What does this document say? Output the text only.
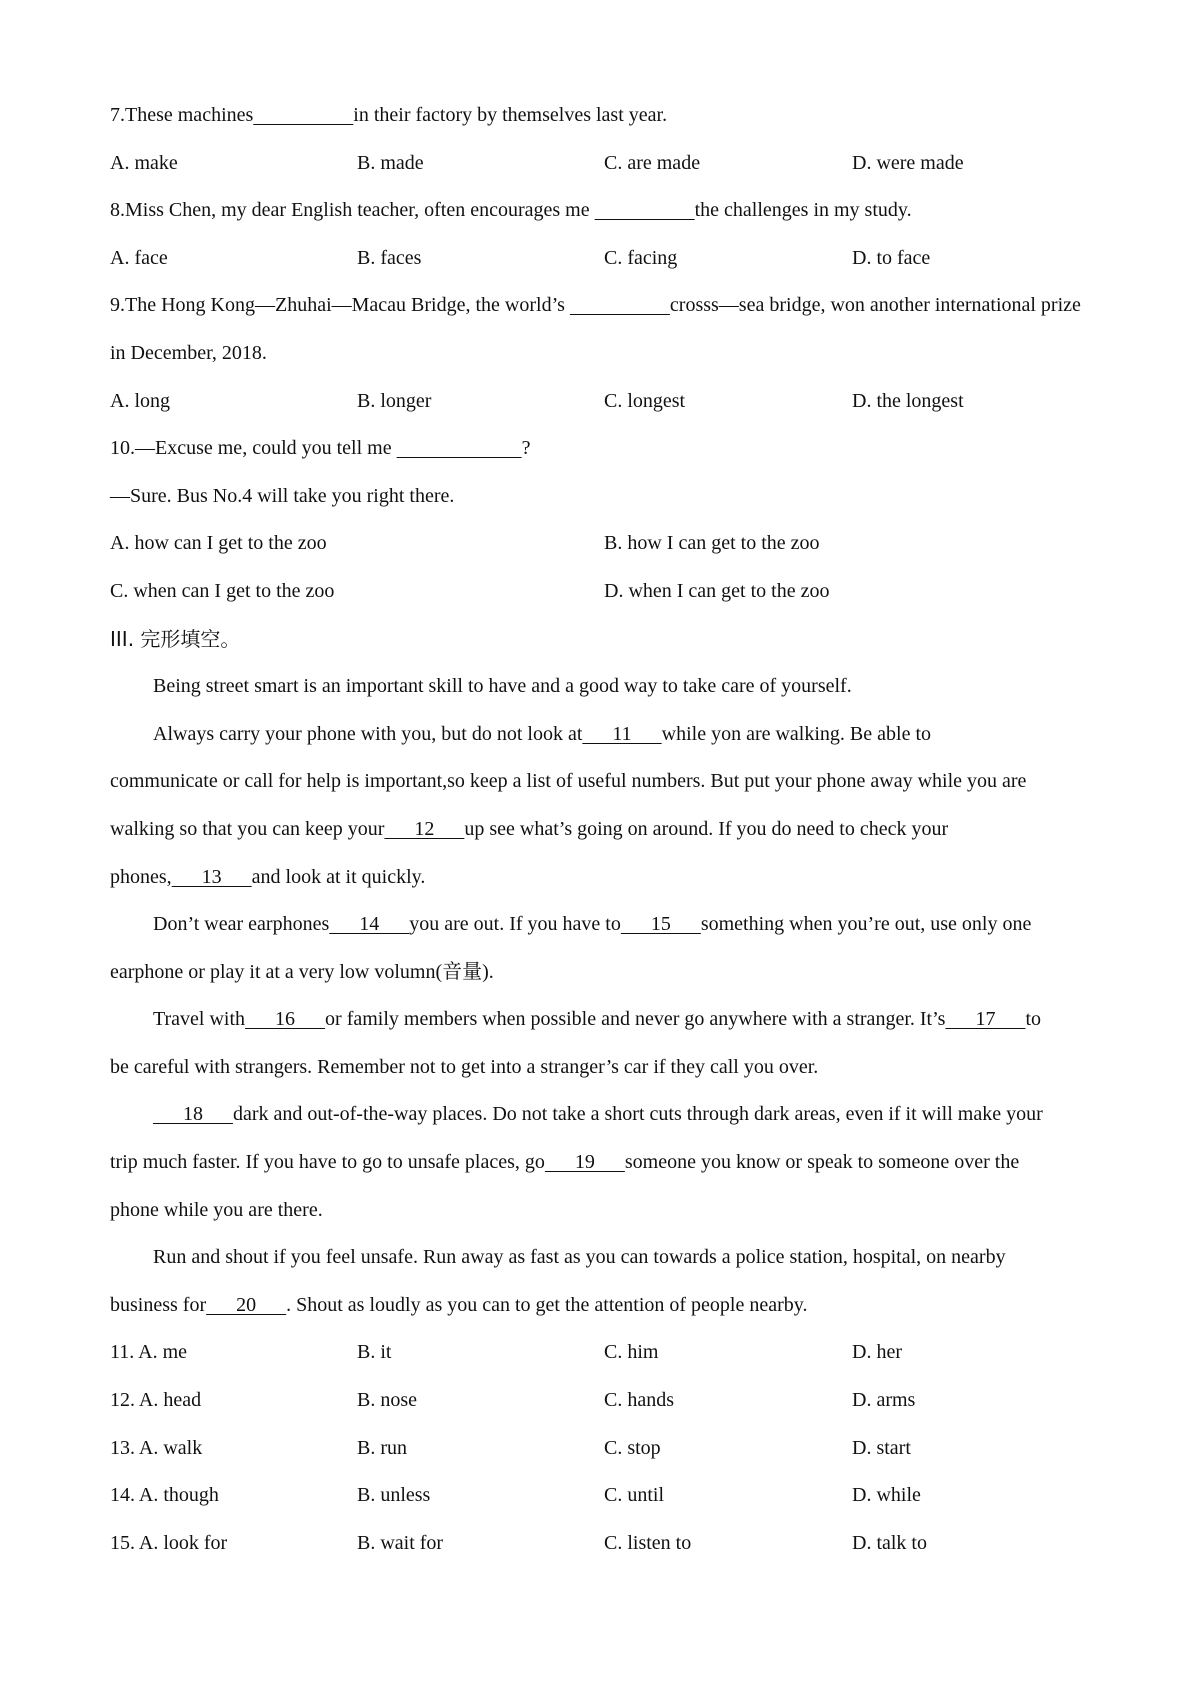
7.These machines	in their factory by themselves last year.
A. make	B. made	C. are made	D. were made
8.Miss Chen, my dear English teacher, often encourages me	the challenges in my study.
A. face	B. faces	C. facing	D. to face
9.The Hong Kong—Zhuhai—Macau Bridge, the world’s	crosss—sea bridge, won another international prize
in December, 2018.
A. long	B. longer	C. longest	D. the longest
10.—Excuse me, could you tell me	?
—Sure. Bus No.4 will take you right there.
A. how can I get to the zoo	B. how I can get to the zoo
C. when can I get to the zoo	D. when I can get to the zoo
III. 完形填空。
Being street smart is an important skill to have and a good way to take care of yourself.
Always carry your phone with you, but do not look at      11      while yon are walking. Be able to
communicate or call for help is important,so keep a list of useful numbers. But put your phone away while you are
walking so that you can keep your      12      up see what’s going on around. If you do need to check your
phones,      13      and look at it quickly.
Don’t wear earphones      14      you are out. If you have to      15      something when you’re out, use only one
earphone or play it at a very low volumn(音量).
Travel with      16      or family members when possible and never go anywhere with a stranger. It’s      17      to
be careful with strangers. Remember not to get into a stranger’s car if they call you over.
18      dark and out-of-the-way places. Do not take a short cuts through dark areas, even if it will make your
trip much faster. If you have to go to unsafe places, go      19      someone you know or speak to someone over the
phone while you are there.
Run and shout if you feel unsafe. Run away as fast as you can towards a police station, hospital, on nearby
business for      20      . Shout as loudly as you can to get the attention of people nearby.
11. A. me	B. it	C. him	D. her
12. A. head	B. nose	C. hands	D. arms
13. A. walk	B. run	C. stop	D. start
14. A. though	B. unless	C. until	D. while
15. A. look for	B. wait for	C. listen to	D. talk to
